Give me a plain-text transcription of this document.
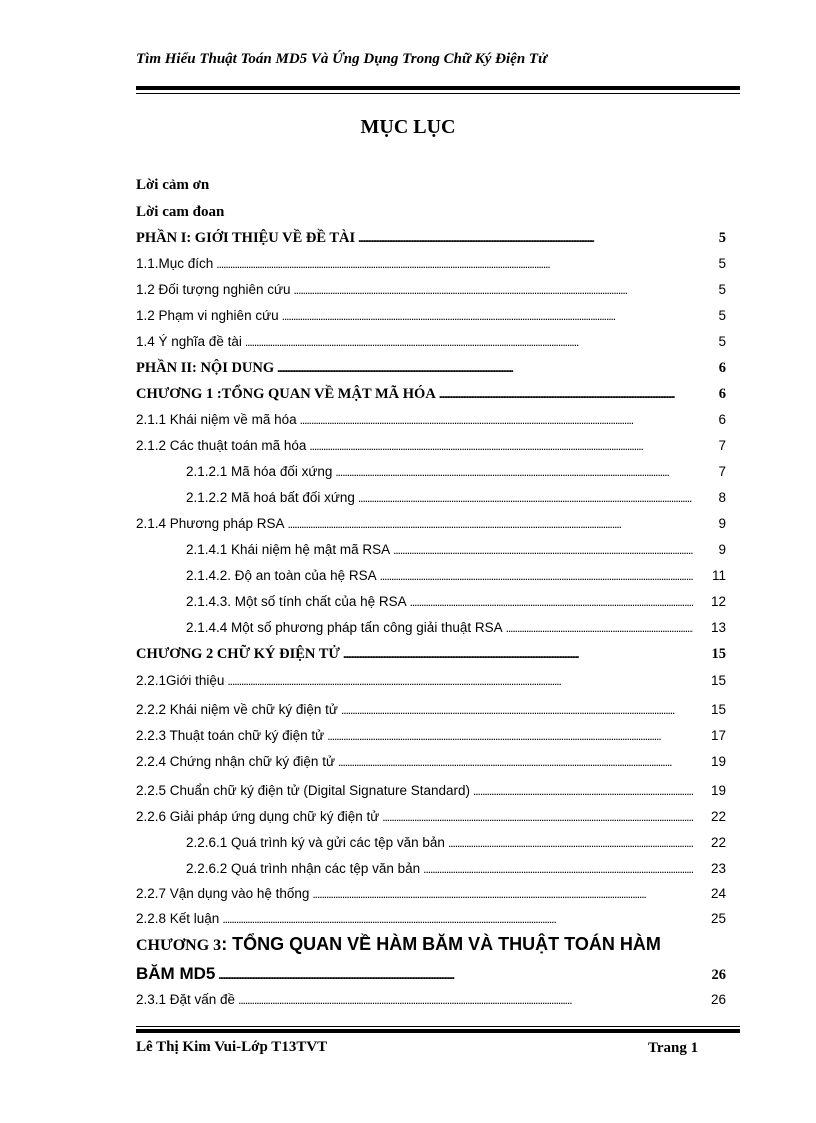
Tìm Hiểu Thuật Toán MD5 Và Ứng Dụng Trong Chữ Ký Điện Tử
MỤC LỤC
Lời cảm ơn
Lời cam đoan
PHẦN I: GIỚI THIỆU VỀ ĐỀ TÀI . . .	5
1.1.Mục đích . . .	5
1.2 Đối tượng nghiên cứu . . .	5
1.2 Phạm vi nghiên cứu . . .	5
1.4 Ý nghĩa đề tài . . .	5
PHẦN II: NỘI DUNG . . .	6
CHƯƠNG 1 :TỔNG QUAN VỀ MẬT MÃ HÓA . . .	6
2.1.1 Khái niệm về mã hóa . . .	6
2.1.2 Các thuật toán mã hóa . . .	7
2.1.2.1 Mã hóa đối xứng . . .	7
2.1.2.2 Mã hoá bất đối xứng . . .	8
2.1.4 Phương pháp RSA . . .	9
2.1.4.1 Khái niệm hệ mật mã RSA . . .	9
2.1.4.2. Độ an toàn của hệ RSA . . .	11
2.1.4.3. Một số tính chất của hệ RSA . . .	12
2.1.4.4 Một số phương pháp tấn công giải thuật RSA . . .	13
CHƯƠNG 2 CHỮ KÝ ĐIỆN TỬ . . .	15
2.2.1Giới thiệu . . .	15
2.2.2 Khái niệm về chữ ký điện tử . . .	15
2.2.3 Thuật toán chữ ký điện tử . . .	17
2.2.4 Chứng nhận chữ ký điện tử . . .	19
2.2.5 Chuẩn chữ ký điện tử (Digital Signature Standard) . . .	19
2.2.6 Giải pháp ứng dụng chữ ký điện tử . . .	22
2.2.6.1 Quá trình ký và gửi các tệp văn bản . . .	22
2.2.6.2 Quá trình nhận các tệp văn bản . . .	23
2.2.7 Vận dụng vào hệ thống . . .	24
2.2.8 Kết luận . . .	25
CHƯƠNG 3: TỔNG QUAN VỀ HÀM BĂM VÀ THUẬT TOÁN HÀM
BĂM MD5 . . .	26
2.3.1 Đặt vấn đề . . .	26
Lê Thị Kim Vui-Lớp T13TVT	Trang 1
